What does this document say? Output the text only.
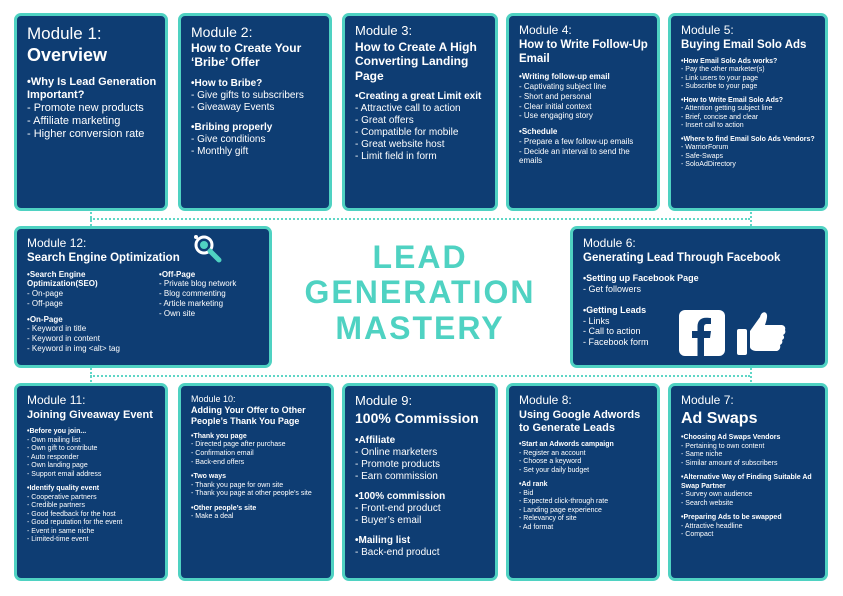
Module 1:
Overview
• Why Is Lead Generation Important?
- Promote new products
- Affiliate marketing
- Higher conversion rate
Module 2:
How to Create Your ‘Bribe’ Offer
• How to Bribe?
- Give gifts to subscribers
- Giveaway Events
• Bribing properly
- Give conditions
- Monthly gift
Module 3:
How to Create A High Converting Landing Page
• Creating a great Limit exit
- Attractive call to action
- Great offers
- Compatible for mobile
- Great website host
- Limit field in form
Module 4:
How to Write Follow-Up Email
• Writing follow-up email
- Captivating subject line
- Short and personal
- Clear initial context
- Use engaging story
• Schedule
- Prepare a few follow-up emails
- Decide an interval to send the emails
Module 5:
Buying Email Solo Ads
• How Email Solo Ads works?
- Pay the other marketer(s)
- Link users to your page
- Subscribe to your page
• How to Write Email Solo Ads?
- Attention getting subject line
- Brief, concise and clear
- Insert call to action
• Where to find Email Solo Ads Vendors?
- WarriorForum
- Safe-Swaps
- SoloAdDirectory
Module 12:
Search Engine Optimization
• Search Engine Optimization(SEO)
- On-page
- Off-page
• On-Page
- Keyword in title
- Keyword in content
- Keyword in img <alt> tag
• Off-Page
- Private blog network
- Blog commenting
- Article marketing
- Own site
LEAD
GENERATION
MASTERY
Module 6:
Generating Lead Through Facebook
• Setting up Facebook Page
- Get followers
• Getting Leads
- Links
- Call to action
- Facebook form
Module 11:
Joining Giveaway Event
• Before you join...
- Own mailing list
- Own gift to contribute
- Auto responder
- Own landing page
- Support email address
• Identify quality event
- Cooperative partners
- Credible partners
- Good feedback for the host
- Good reputation for the event
- Event in same niche
- Limited-time event
Module 10:
Adding Your Offer to Other People’s Thank You Page
• Thank you page
- Directed page after purchase
- Confirmation email
- Back-end offers
• Two ways
- Thank you page for own site
- Thank you page at other people’s site
• Other people’s site
- Make a deal
Module 9:
100% Commission
• Affiliate
- Online marketers
- Promote products
- Earn commission
• 100% commission
- Front-end product
- Buyer’s email
• Mailing list
- Back-end product
Module 8:
Using Google Adwords to Generate Leads
• Start an Adwords campaign
- Register an account
- Choose a keyword
- Set your daily budget
• Ad rank
- Bid
- Expected click-through rate
- Landing page experience
- Relevancy of site
- Ad format
Module 7:
Ad Swaps
• Choosing Ad Swaps Vendors
- Pertaining to own content
- Same niche
- Similar amount of subscribers
• Alternative Way of Finding Suitable Ad Swap Partner
- Survey own audience
- Search website
• Preparing Ads to be swapped
- Attractive headline
- Compact
